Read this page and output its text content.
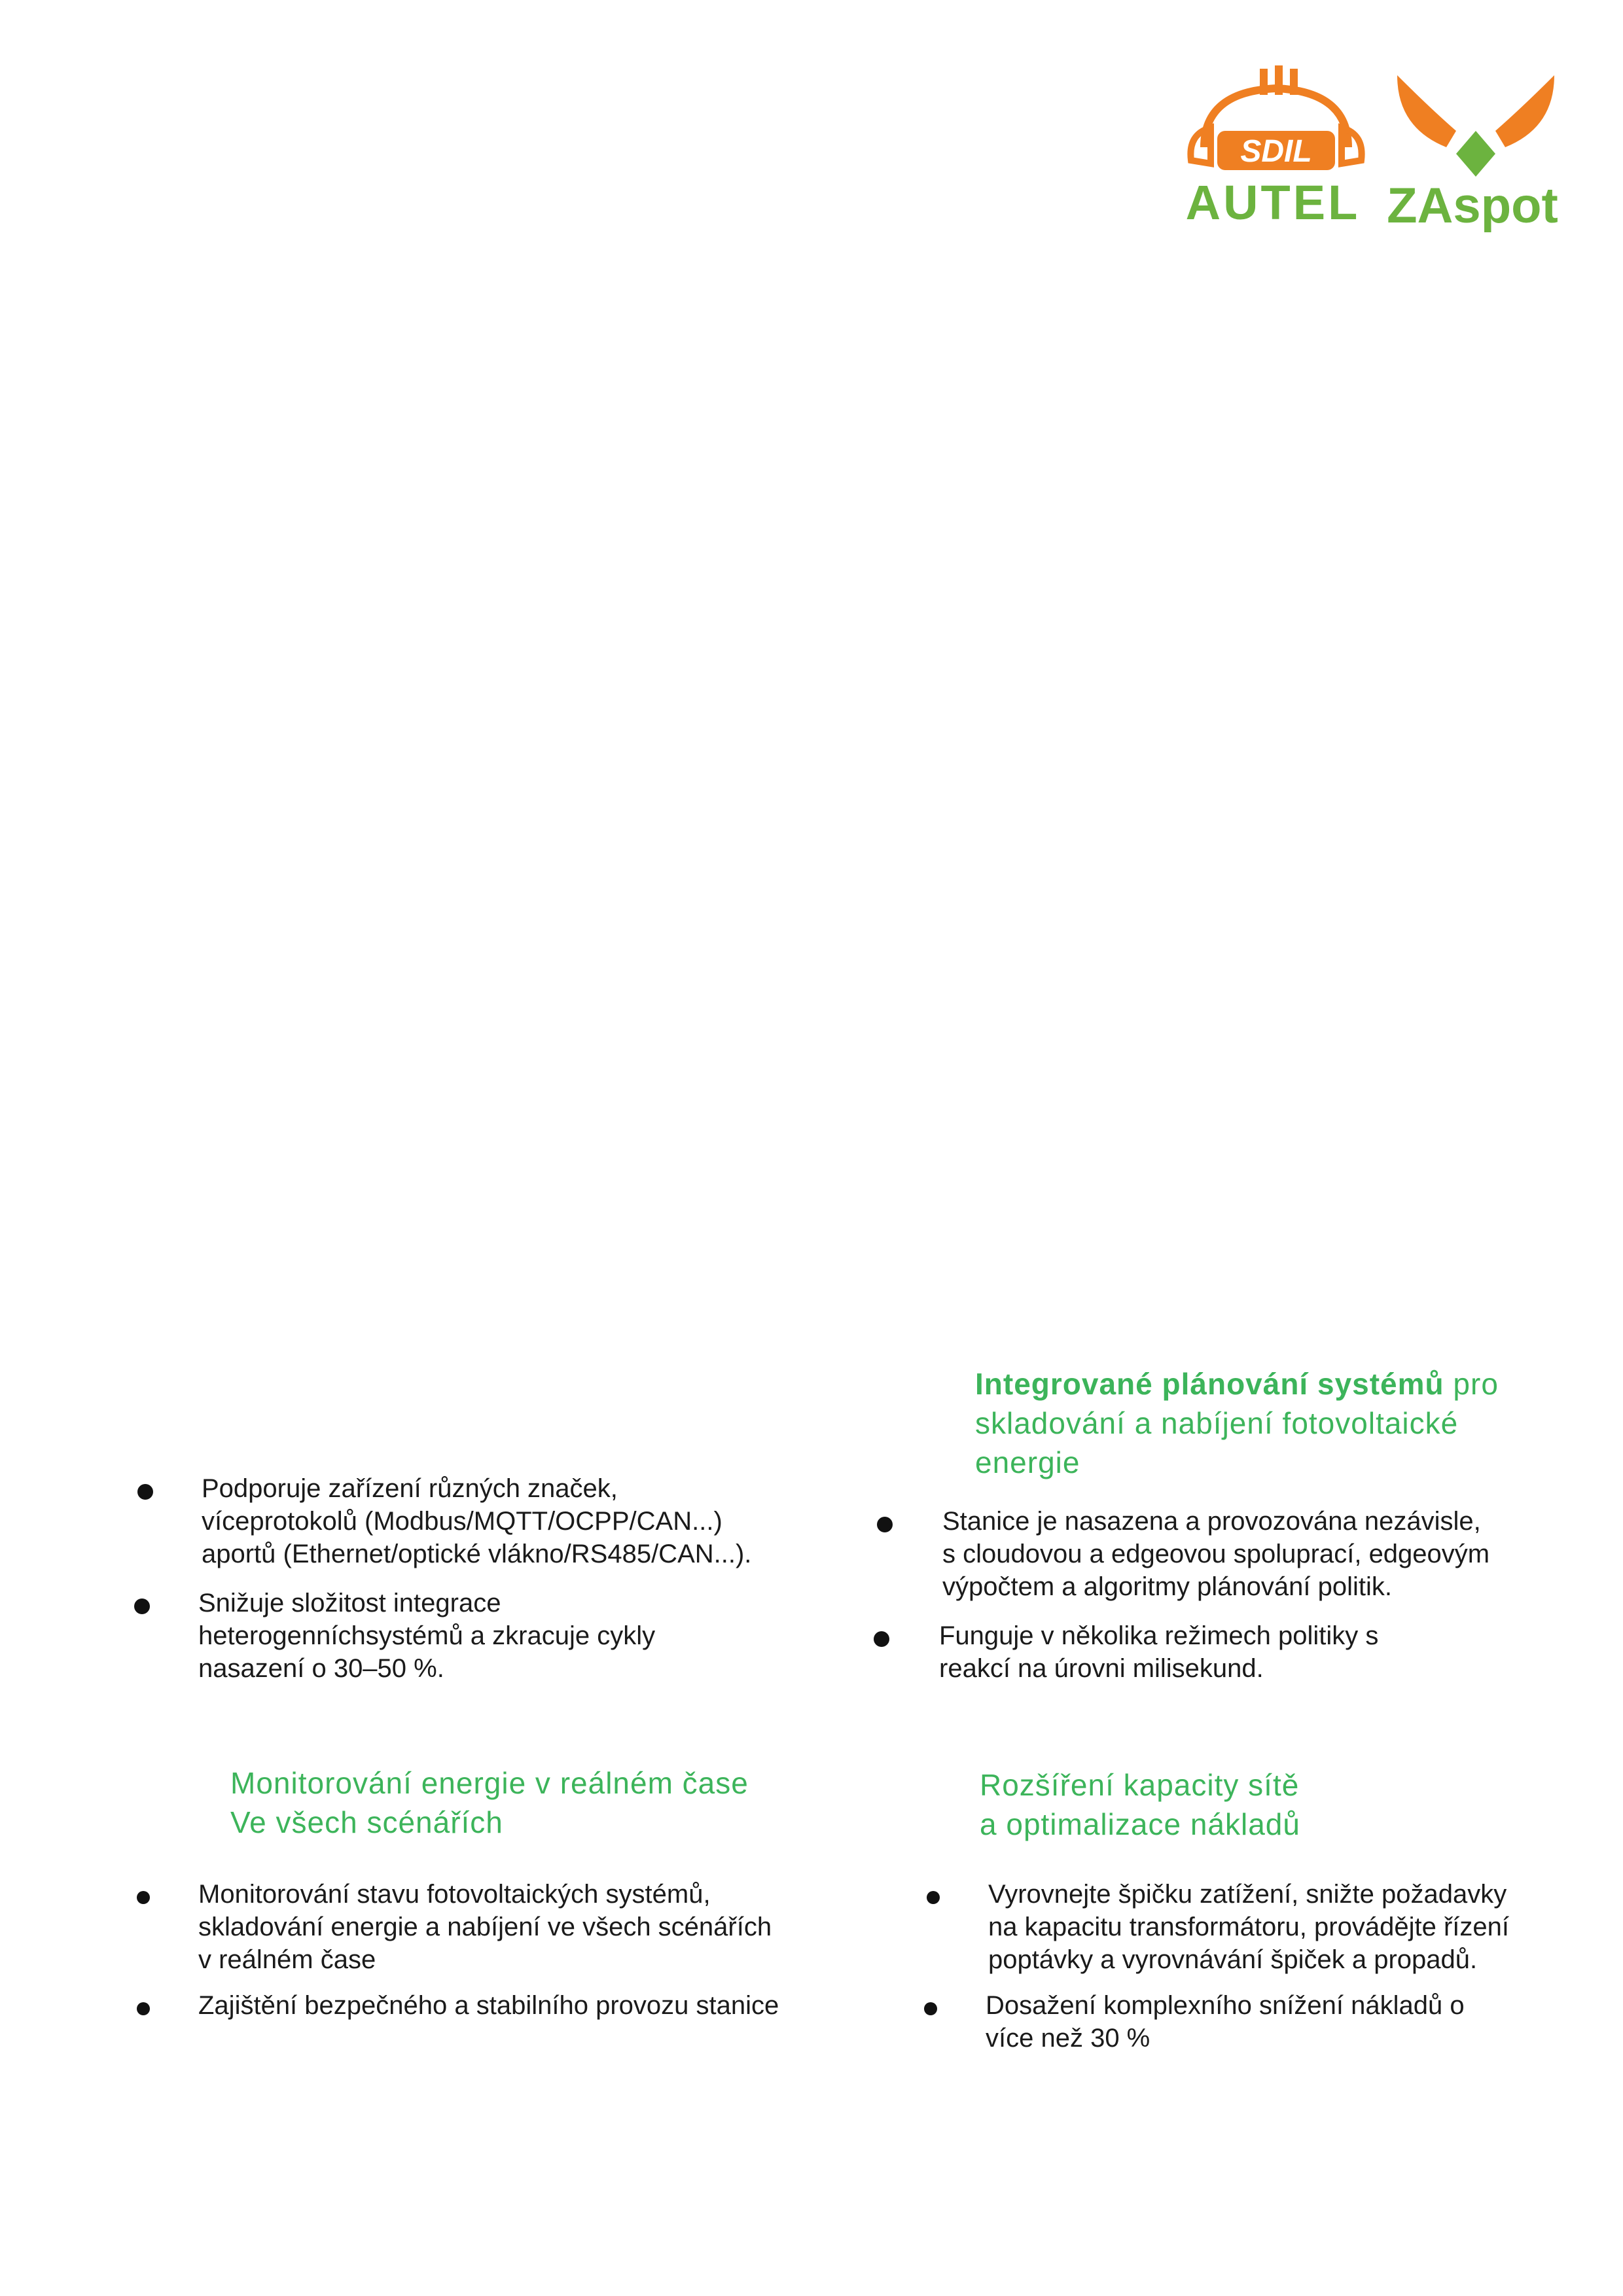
SDIL
AUTEL ZAspot
Podporuje zařízení různých značek,
víceprotokolů (Modbus/MQTT/OCPP/CAN...)
aportů (Ethernet/optické vlákno/RS485/CAN...).
Snižuje složitost integrace
heterogenníchsystémů a zkracuje cykly
nasazení o 30–50 %.
Integrované plánování systémů pro
skladování a nabíjení fotovoltaické
energie
Stanice je nasazena a provozována nezávisle,
s cloudovou a edgeovou spoluprací, edgeovým
výpočtem a algoritmy plánování politik.
Funguje v několika režimech politiky s
reakcí na úrovni milisekund.
Monitorování energie v reálném čase
Ve všech scénářích
Monitorování stavu fotovoltaických systémů,
skladování energie a nabíjení ve všech scénářích
v reálném čase
Zajištění bezpečného a stabilního provozu stanice
Rozšíření kapacity sítě
a optimalizace nákladů
Vyrovnejte špičku zatížení, snižte požadavky
na kapacitu transformátoru, provádějte řízení
poptávky a vyrovnávání špiček a propadů.
Dosažení komplexního snížení nákladů o
více než 30 %
